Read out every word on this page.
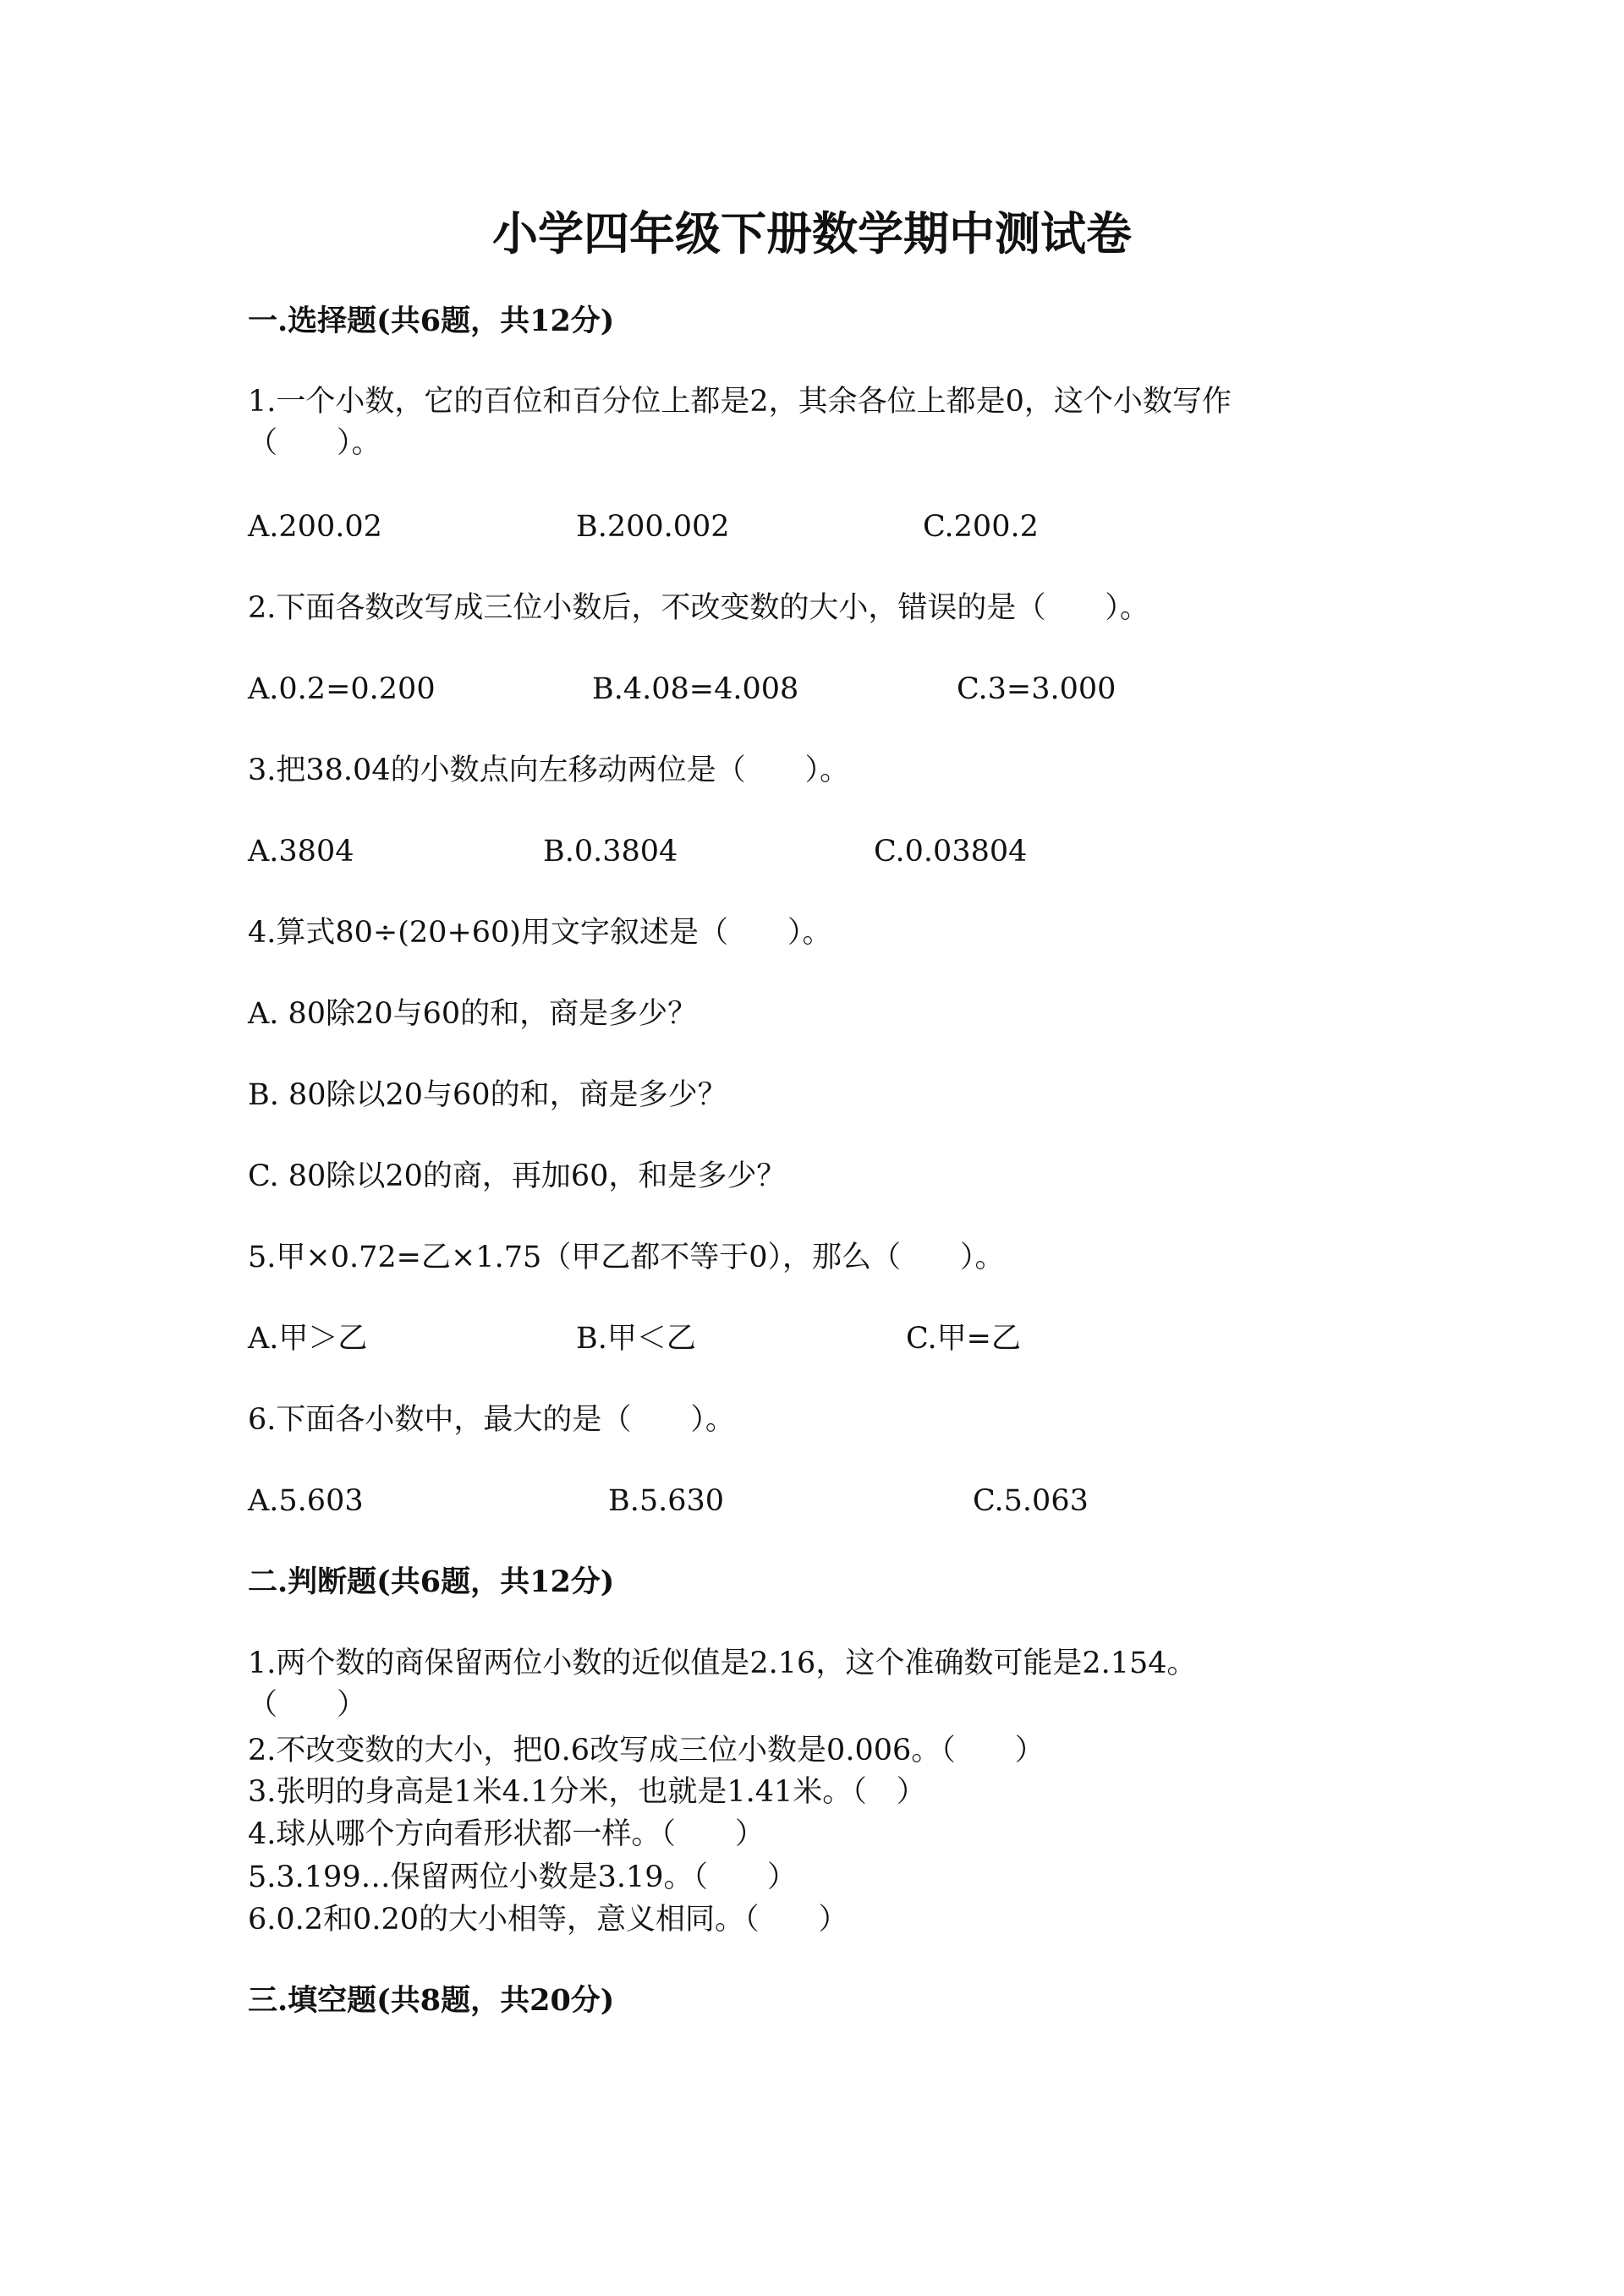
小学四年级下册数学期中测试卷
一.选择题(共6题，共12分)
1.一个小数，它的百位和百分位上都是2，其余各位上都是0，这个小数写作
（　　）。
A.200.02	B.200.002	C.200.2
2.下面各数改写成三位小数后，不改变数的大小，错误的是（　　）。
A.0.2=0.200	B.4.08=4.008	C.3=3.000
3.把38.04的小数点向左移动两位是（　　）。
A.3804	B.0.3804	C.0.03804
4.算式80÷(20+60)用文字叙述是（　　）。
A. 80除20与60的和，商是多少？
B. 80除以20与60的和，商是多少？
C. 80除以20的商，再加60，和是多少？
5.甲×0.72=乙×1.75（甲乙都不等于0），那么（　　）。
A.甲＞乙	B.甲＜乙	C.甲=乙
6.下面各小数中，最大的是（　　）。
A.5.603	B.5.630	C.5.063
二.判断题(共6题，共12分)
1.两个数的商保留两位小数的近似值是2.16，这个准确数可能是2.154。
（　　）
2.不改变数的大小，把0.6改写成三位小数是0.006。（　　）
3.张明的身高是1米4.1分米，也就是1.41米。（　）
4.球从哪个方向看形状都一样。（　　）
5.3.199…保留两位小数是3.19。（　　）
6.0.2和0.20的大小相等，意义相同。（　　）
三.填空题(共8题，共20分)
